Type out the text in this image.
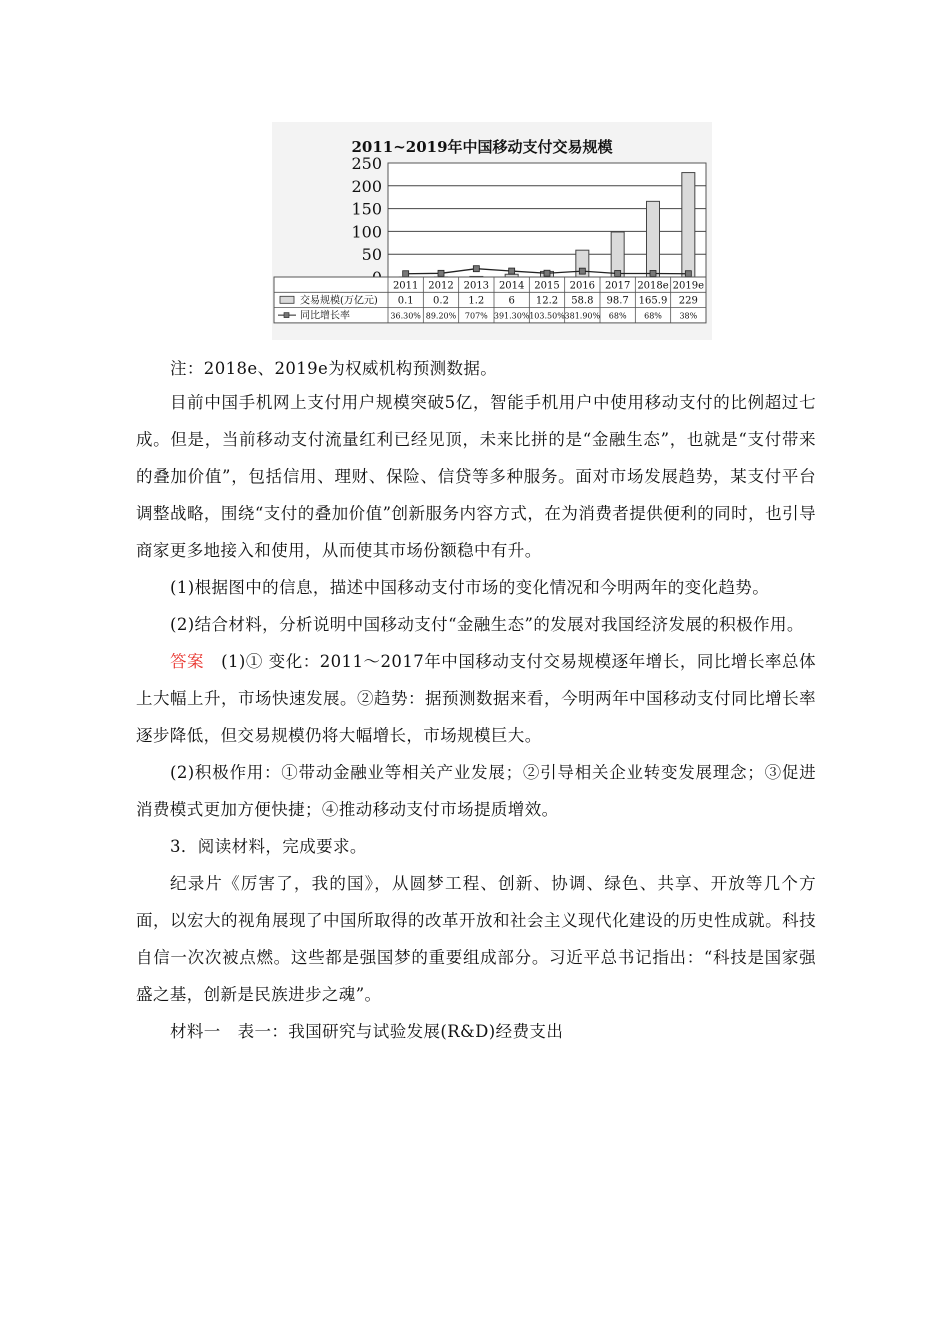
2011~2019年中国移动支付交易规模
250
200
150
100
50
2011 2012 2013 2014 2015 2016 2017 2018e 2019e
交易规模(万亿元)
同比增长率
0.1 0.2 1.2 6 12.2 58.8 98.7 165.9 229
36.30% 89.20% 707% 391.30% 103.50% 381.90% 68% 68% 38%

注：2018e、2019e为权威机构预测数据。

目前中国手机网上支付用户规模突破5亿，智能手机用户中使用移动支付的比例超过七成。但是，当前移动支付流量红利已经见顶，未来比拼的是“金融生态”，也就是“支付带来的叠加价值”，包括信用、理财、保险、信贷等多种服务。面对市场发展趋势，某支付平台调整战略，围绕“支付的叠加价值”创新服务内容方式，在为消费者提供便利的同时，也引导商家更多地接入和使用，从而使其市场份额稳中有升。

(1)根据图中的信息，描述中国移动支付市场的变化情况和今明两年的变化趋势。

(2)结合材料，分析说明中国移动支付“金融生态”的发展对我国经济发展的积极作用。

答案　 (1)① 变化：2011～2017年中国移动支付交易规模逐年增长，同比增长率总体上大幅上升，市场快速发展。②趋势：据预测数据来看，今明两年中国移动支付同比增长率逐步降低，但交易规模仍将大幅增长，市场规模巨大。

(2)积极作用：①带动金融业等相关产业发展；②引导相关企业转变发展理念；③促进消费模式更加方便快捷；④推动移动支付市场提质增效。

3．阅读材料，完成要求。

纪录片《厉害了，我的国》，从圆梦工程、创新、协调、绿色、共享、开放等几个方面，以宏大的视角展现了中国所取得的改革开放和社会主义现代化建设的历史性成就。科技自信一次次被点燃。这些都是强国梦的重要组成部分。习近平总书记指出：“科技是国家强盛之基，创新是民族进步之魂”。

材料一　表一：我国研究与试验发展(R&D)经费支出
